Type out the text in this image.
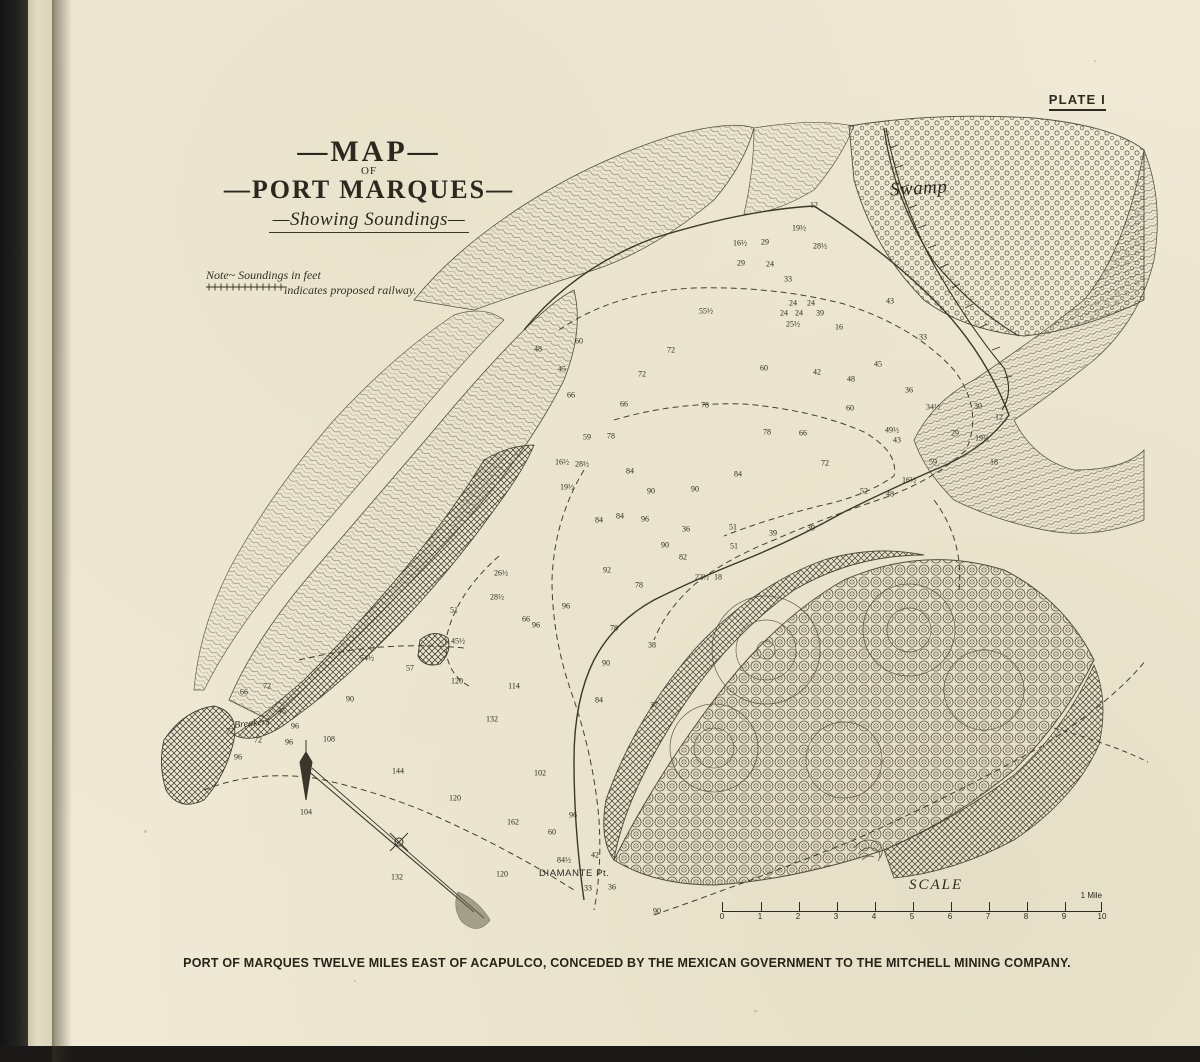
PLATE I
—MAP—
OF
—PORT MARQUES—
—Showing Soundings—
Note~ Soundings in feet
indicates proposed railway.
Swamp
DIAMANTE Pt.
Breakers
SCALE
1 Mile
0	1	2	3	4	5	6	7	8	9	10
PORT OF MARQUES TWELVE MILES EAST OF ACAPULCO, CONCEDED BY THE MEXICAN GOVERNMENT TO THE MITCHELL MINING COMPANY.
12
19½
16½ 29	28½
29	24
33
55½
24 24
24 24 39
25½	16
43
33
48
60
72
45
72
60	42
48
45
36
66
66	78	60	34½	30
12
59 78	78	66	49½
43
29
19½
16½ 28½
84
72	59	18
19½	90	90
84
52 48
16½
84 84 96
36	51
39
39
90
82
51
92
78
22½ 18
26½
28½
51
66
96
96	78
45½	38
54½
57
120
90
114
84
37
66
72
90
132
45
96
72
72	96	108
96
144	102
120
104
162
96
60
42
84½
132	120
33 36
90
